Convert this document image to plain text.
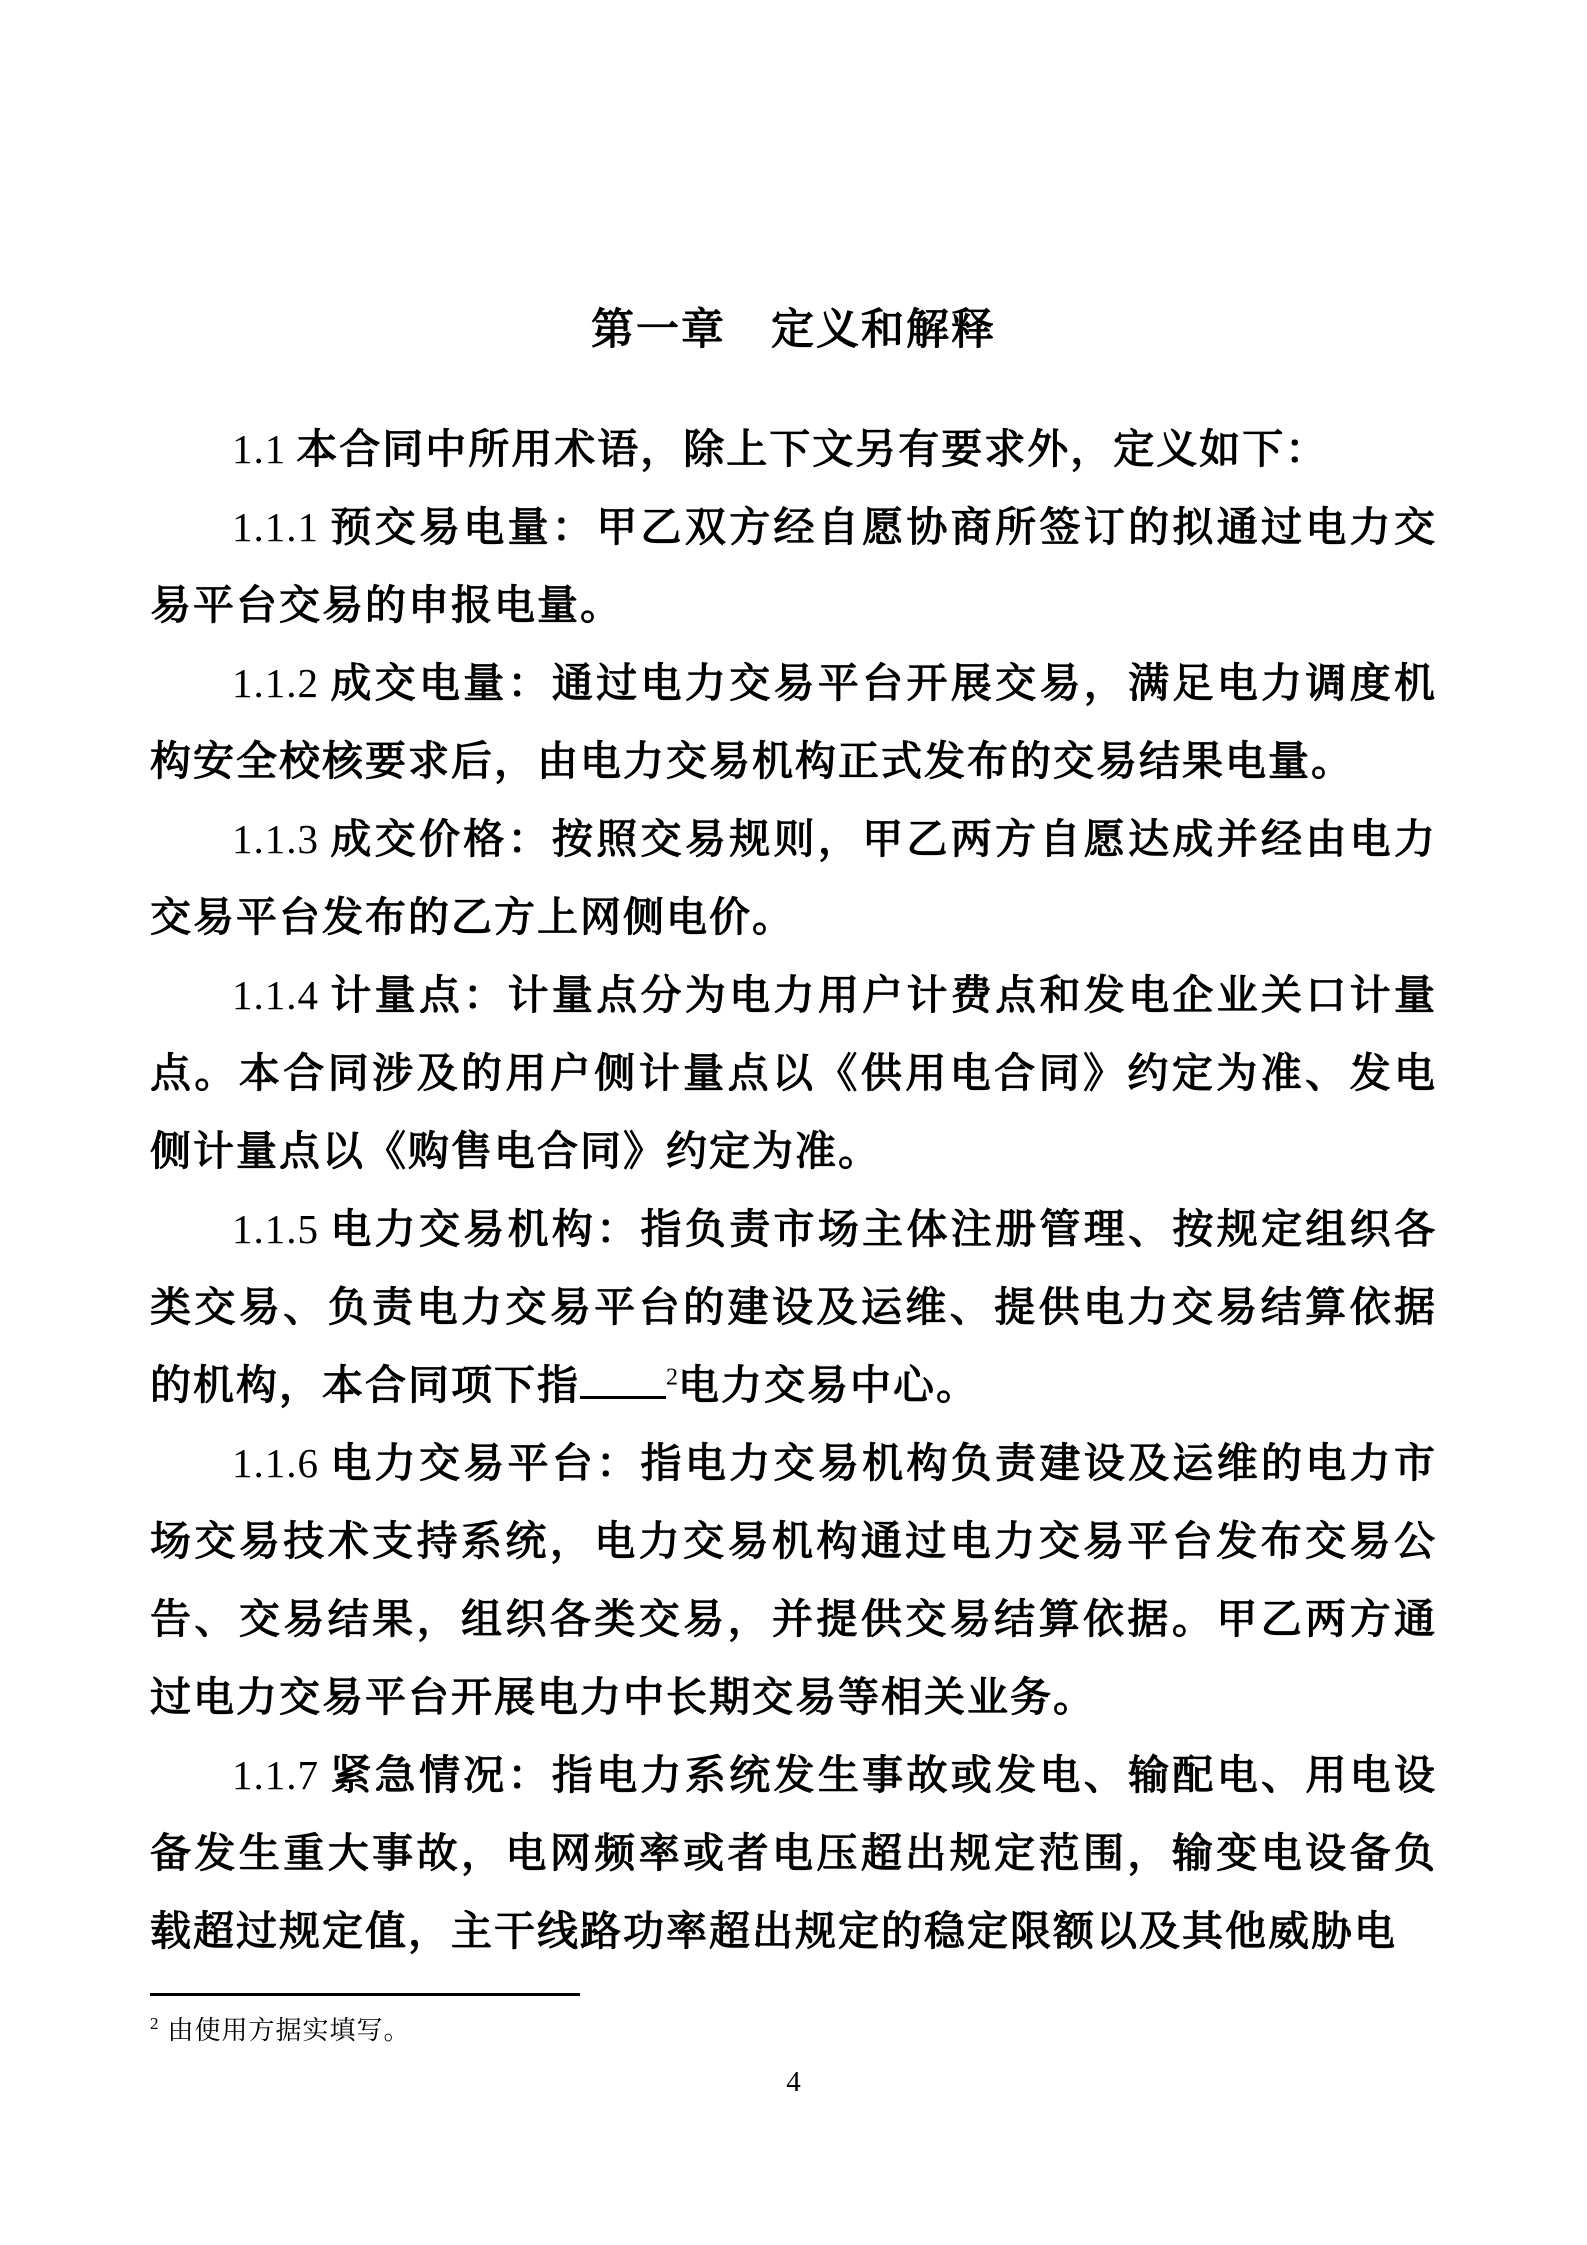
第一章　定义和解释

1.1 本合同中所用术语，除上下文另有要求外，定义如下：

1.1.1 预交易电量：甲乙双方经自愿协商所签订的拟通过电力交易平台交易的申报电量。

1.1.2 成交电量：通过电力交易平台开展交易，满足电力调度机构安全校核要求后，由电力交易机构正式发布的交易结果电量。

1.1.3 成交价格：按照交易规则，甲乙两方自愿达成并经由电力交易平台发布的乙方上网侧电价。

1.1.4 计量点：计量点分为电力用户计费点和发电企业关口计量点。本合同涉及的用户侧计量点以《供用电合同》约定为准、发电侧计量点以《购售电合同》约定为准。

1.1.5 电力交易机构：指负责市场主体注册管理、按规定组织各类交易、负责电力交易平台的建设及运维、提供电力交易结算依据的机构，本合同项下指	$^2$电力交易中心。

1.1.6 电力交易平台：指电力交易机构负责建设及运维的电力市场交易技术支持系统，电力交易机构通过电力交易平台发布交易公告、交易结果，组织各类交易，并提供交易结算依据。甲乙两方通过电力交易平台开展电力中长期交易等相关业务。

1.1.7 紧急情况：指电力系统发生事故或发电、输配电、用电设备发生重大事故，电网频率或者电压超出规定范围，输变电设备负载超过规定值，主干线路功率超出规定的稳定限额以及其他威胁电

$^2$ 由使用方据实填写。

4
